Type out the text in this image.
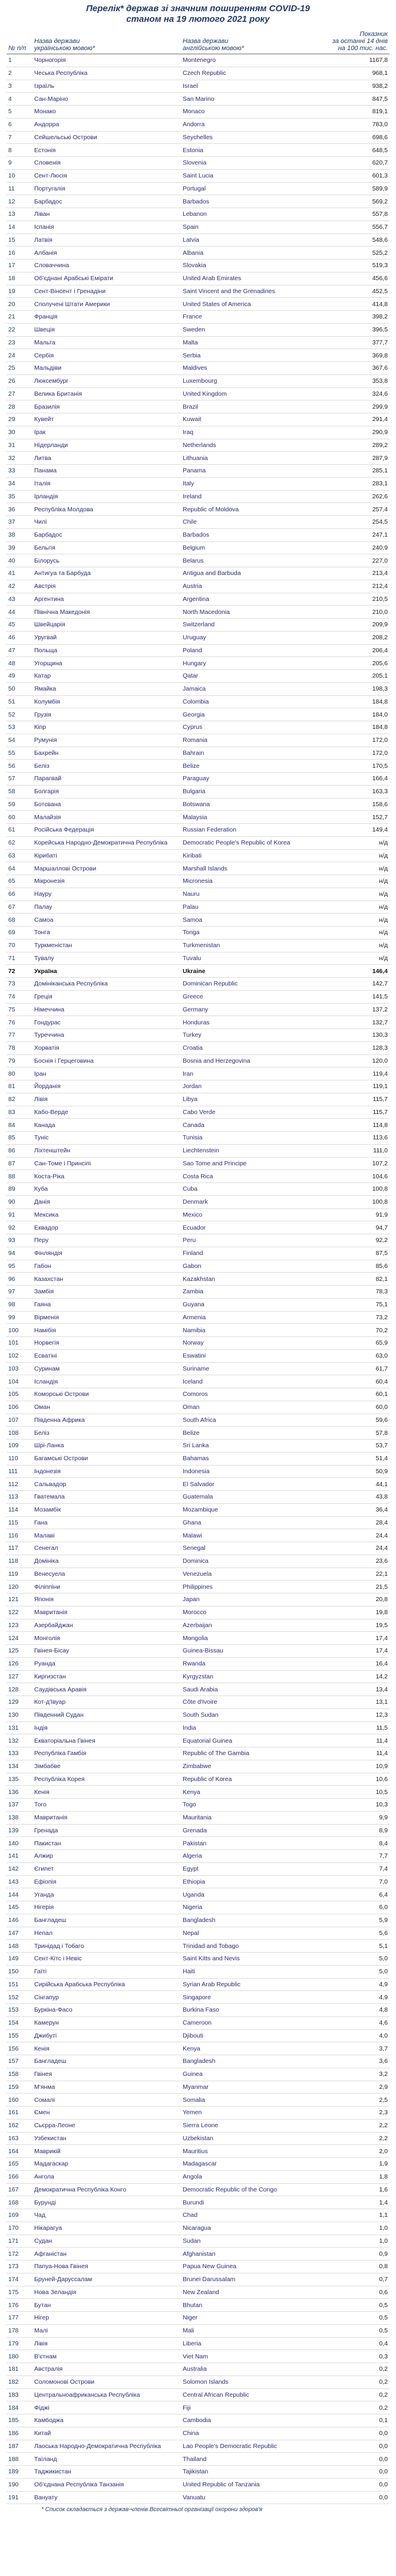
Перелік* держав зі значним поширенням COVID-19
станом на 19 лютого 2021 року
№ п/п	Назва держави
українською мовою*	Назва держави
англійською мовою*	Показник
за останні 14 днів
на 100 тис. нас.
1	Чорногорія	Montenegro	1167,8
2	Чеська Республіка	Czech Republic	968,1
3	Ізраїль	Israel	938,2
4	Сан-Маріно	San Marino	847,5
5	Монако	Monaco	819,1
6	Андорра	Andorra	783,0
7	Сейшельські Острови	Seychelles	698,6
8	Естонія	Estonia	648,5
9	Словенія	Slovenia	620,7
10	Сент-Люсія	Saint Lucia	601,3
11	Португалія	Portugal	589,9
12	Барбадос	Barbados	569,2
13	Ліван	Lebanon	557,8
14	Іспанія	Spain	556,7
15	Латвія	Latvia	548,6
16	Албанія	Albania	525,2
17	Словаччина	Slovakia	519,3
18	Об'єднані Арабські Емірати	United Arab Emirates	456,6
19	Сент-Вінсент і Гренадіни	Saint Vincent and the Grenadines	452,5
20	Сполучені Штати Америки	United States of America	414,8
21	Франція	France	398,2
22	Швеція	Sweden	396,5
23	Мальта	Malta	377,7
24	Сербія	Serbia	369,8
25	Мальдіви	Maldives	367,6
26	Люксембург	Luxembourg	353,8
27	Велика Британія	United Kingdom	324,6
28	Бразилія	Brazil	299,9
29	Кувейт	Kuwait	291,4
30	Ірак	Iraq	290,9
31	Нідерланди	Netherlands	289,2
32	Литва	Lithuania	287,9
33	Панама	Panama	285,1
34	Італія	Italy	283,1
35	Ірландія	Ireland	262,6
36	Республіка Молдова	Republic of Moldova	257,4
37	Чилі	Chile	254,5
38	Барбадос	Barbados	247,1
39	Бельгія	Belgium	240,9
40	Білорусь	Belarus	227,0
41	Антигуа та Барбуда	Antigua and Barbuda	213,4
42	Австрія	Austria	212,4
43	Аргентина	Argentina	210,5
44	Північна Македонія	North Macedonia	210,0
45	Швейцарія	Switzerland	209,9
46	Уругвай	Uruguay	208,2
47	Польща	Poland	206,4
48	Угорщина	Hungary	205,6
49	Катар	Qatar	205,1
50	Ямайка	Jamaica	198,3
51	Колумбія	Colombia	184,8
52	Грузія	Georgia	184,0
53	Кіпр	Cyprus	184,8
54	Румунія	Romania	172,0
55	Бахрейн	Bahrain	172,0
56	Белiз	Belize	170,5
57	Парагвай	Paraguay	166,4
58	Болгарія	Bulgaria	163,3
59	Ботсвана	Botswana	158,6
60	Малайзія	Malaysia	152,7
61	Російська Федерація	Russian Federation	149,4
62	Корейська Народно-Демократична Республіка	Democratic People's Republic of Korea	н/д
63	Кірибаті	Kiribati	н/д
64	Маршаллові Острови	Marshall Islands	н/д
65	Мікронезія	Micronesia	н/д
66	Науру	Nauru	н/д
67	Палау	Palau	н/д
68	Самоа	Samoa	н/д
69	Тонга	Tonga	н/д
70	Туркменістан	Turkmenistan	н/д
71	Тувалу	Tuvalu	н/д
72	Україна	Ukraine	146,4
73	Домініканська Республіка	Dominican Republic	142,7
74	Греція	Greece	141,5
75	Німеччина	Germany	137,2
76	Гондурас	Honduras	132,7
77	Туреччина	Turkey	130,3
78	Хорватія	Croatia	128,3
79	Боснія і Герцеговина	Bosnia and Herzegovina	120,0
80	Іран	Iran	119,4
81	Йорданія	Jordan	119,1
82	Лівія	Libya	115,7
83	Кабо-Верде	Cabo Verde	115,7
84	Канада	Canada	114,8
85	Туніс	Tunisia	113,6
86	Ліхтенштейн	Liechtenstein	111,0
87	Сан-Томе і Принсіпі	Sao Tome and Principe	107,2
88	Коста-Ріка	Costa Rica	104,6
89	Куба	Cuba	100,8
90	Данія	Denmark	100,8
91	Мексика	Mexico	91,9
92	Еквадор	Ecuador	94,7
93	Перу	Peru	92,2
94	Фінляндія	Finland	87,5
95	Габон	Gabon	85,6
96	Казахстан	Kazakhstan	82,1
97	Замбія	Zambia	78,3
98	Гаяна	Guyana	75,1
99	Вірменія	Armenia	73,2
100	Намібія	Namibia	70,2
101	Норвегія	Norway	65,9
102	Есватіні	Eswatini	63,0
103	Суринам	Suriname	61,7
104	Ісландія	Iceland	60,4
105	Коморські Острови	Comoros	60,1
106	Оман	Oman	60,0
107	Південна Африка	South Africa	59,6
108	Беліз	Belize	57,8
109	Шрі-Ланка	Sri Lanka	53,7
110	Багамські Острови	Bahamas	51,4
111	Індонезія	Indonesia	50,9
112	Сальвадор	El Salvador	44,1
113	Гватемала	Guatemala	43,8
114	Мозамбік	Mozambique	36,4
115	Гана	Ghana	28,4
116	Малаві	Malawi	24,4
117	Сенегал	Senegal	24,4
118	Домініка	Dominica	23,6
119	Венесуела	Venezuela	22,1
120	Філіппіни	Philippines	21,5
121	Японія	Japan	20,8
122	Мавританія	Morocco	19,8
123	Азербайджан	Azerbaijan	19,5
124	Монголія	Mongolia	17,4
125	Гвінея-Бісау	Guinea-Bissau	17,4
126	Руанда	Rwanda	16,4
127	Киргизстан	Kyrgyzstan	14,2
128	Саудівська Аравія	Saudi Arabia	13,4
129	Кот-д'Івуар	Côte d'Ivoire	13,1
130	Південний Судан	South Sudan	12,3
131	Індія	India	11,5
132	Екваторіальна Гвінея	Equatorial Guinea	11,4
133	Республіка Гамбія	Republic of The Gambia	11,4
134	Зімбабве	Zimbabwe	10,9
135	Республіка Корея	Republic of Korea	10,6
136	Кенія	Kenya	10,5
137	Того	Togo	10,3
138	Мавританія	Mauritania	9,9
139	Гренада	Grenada	8,9
140	Пакистан	Pakistan	8,4
141	Алжир	Algeria	7,7
142	Єгипет	Egypt	7,4
143	Ефіопія	Ethiopia	7,0
144	Уганда	Uganda	6,4
145	Нігерія	Nigeria	6,0
146	Бангладеш	Bangladesh	5,9
147	Непал	Nepal	5,6
148	Тринідад і Тобаго	Trinidad and Tobago	5,1
149	Сент-Кітс і Невіс	Saint Kitts and Nevis	5,0
150	Гаїті	Haiti	5,0
151	Сирійська Арабська Республіка	Syrian Arab Republic	4,9
152	Сінгапур	Singapore	4,9
153	Буркіна-Фасо	Burkina Faso	4,8
154	Камерун	Cameroon	4,6
155	Джибуті	Djibouti	4,0
156	Кенія	Kenya	3,7
157	Бангладеш	Bangladesh	3,6
158	Гвінея	Guinea	3,2
159	М'янма	Myanmar	2,9
160	Сомалі	Somalia	2,5
161	Ємен	Yemen	2,3
162	Сьєрра-Леоне	Sierra Leone	2,2
163	Узбекистан	Uzbekistan	2,2
164	Маврикій	Mauritius	2,0
165	Мадагаскар	Madagascar	1,9
166	Ангола	Angola	1,8
167	Демократична Республіка Конго	Democratic Republic of the Congo	1,6
168	Бурунді	Burundi	1,4
169	Чад	Chad	1,1
170	Нікарагуа	Nicaragua	1,0
171	Судан	Sudan	1,0
172	Афганістан	Afghanistan	0,9
173	Папуа-Нова Гвінея	Papua New Guinea	0,8
174	Бруней-Даруссалам	Brunei Darussalam	0,7
175	Нова Зеландія	New Zealand	0,6
176	Бутан	Bhutan	0,5
177	Нігер	Niger	0,5
178	Малі	Mali	0,5
179	Лівія	Liberia	0,4
180	В'єтнам	Viet Nam	0,3
181	Австралія	Australia	0,2
182	Соломонові Острови	Solomon Islands	0,2
183	Центральноафриканська Республіка	Central African Republic	0,2
184	Фіджі	Fiji	0,2
185	Камбоджа	Cambodia	0,1
186	Китай	China	0,0
187	Лаоська Народно-Демократична Республіка	Lao People's Democratic Republic	0,0
188	Таїланд	Thailand	0,0
189	Таджикистан	Tajikistan	0,0
190	Об'єднана Республіка Танзанія	United Republic of Tanzania	0,0
191	Вануату	Vanuatu	0,0
* Список складається з держав-членів Всесвітньої організації охорони здоров'я
